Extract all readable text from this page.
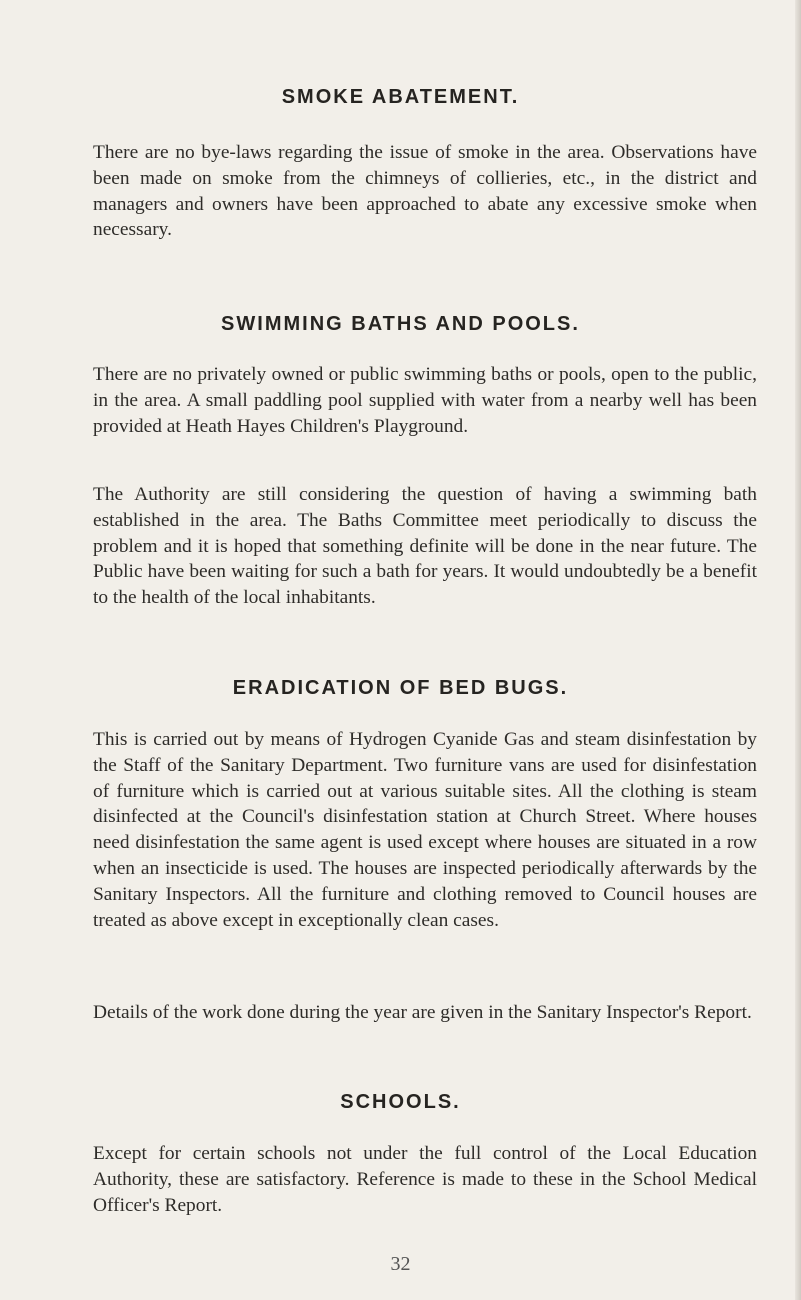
SMOKE ABATEMENT.

There are no bye-laws regarding the issue of smoke in the area. Observations have been made on smoke from the chimneys of collieries, etc., in the district and managers and owners have been approached to abate any excessive smoke when necessary.

SWIMMING BATHS AND POOLS.

There are no privately owned or public swimming baths or pools, open to the public, in the area. A small paddling pool supplied with water from a nearby well has been provided at Heath Hayes Children's Playground.

The Authority are still considering the question of having a swimming bath established in the area. The Baths Committee meet periodically to discuss the problem and it is hoped that something definite will be done in the near future. The Public have been waiting for such a bath for years. It would undoubtedly be a benefit to the health of the local inhabitants.

ERADICATION OF BED BUGS.

This is carried out by means of Hydrogen Cyanide Gas and steam disinfestation by the Staff of the Sanitary Department. Two furniture vans are used for disinfestation of furniture which is carried out at various suitable sites. All the clothing is steam disinfected at the Council's disinfestation station at Church Street. Where houses need disinfestation the same agent is used except where houses are situated in a row when an insecticide is used. The houses are inspected periodically afterwards by the Sanitary Inspectors. All the furniture and clothing removed to Council houses are treated as above except in exceptionally clean cases.

Details of the work done during the year are given in the Sanitary Inspector's Report.

SCHOOLS.

Except for certain schools not under the full control of the Local Education Authority, these are satisfactory. Reference is made to these in the School Medical Officer's Report.

32
